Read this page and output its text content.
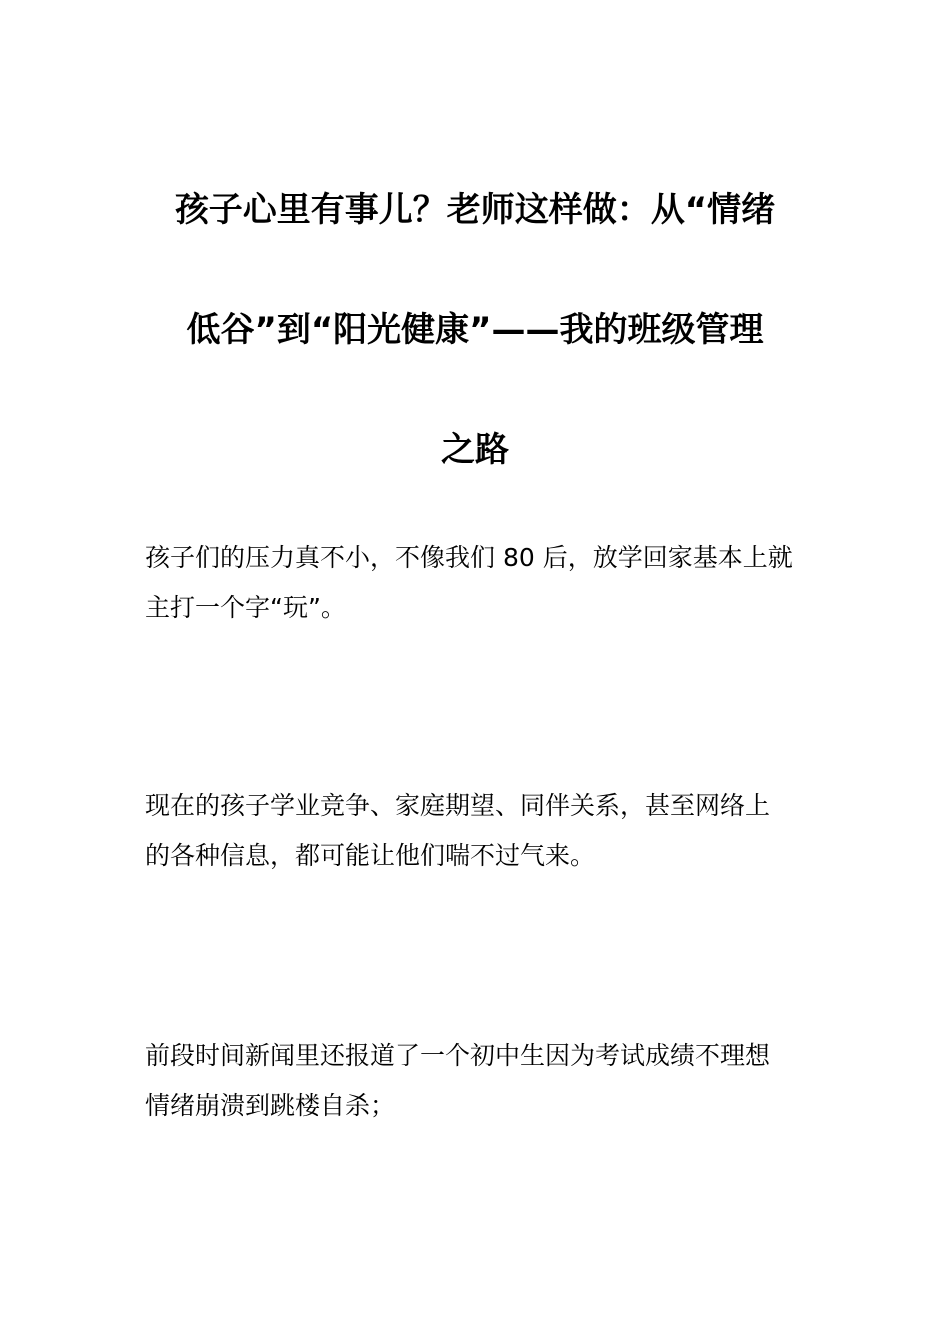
孩子心里有事儿？老师这样做：从“情绪
低谷”到“阳光健康”——我的班级管理
之路

孩子们的压力真不小，不像我们 80 后，放学回家基本上就
主打一个字“玩”。

现在的孩子学业竞争、家庭期望、同伴关系，甚至网络上
的各种信息，都可能让他们喘不过气来。

前段时间新闻里还报道了一个初中生因为考试成绩不理想
情绪崩溃到跳楼自杀；
